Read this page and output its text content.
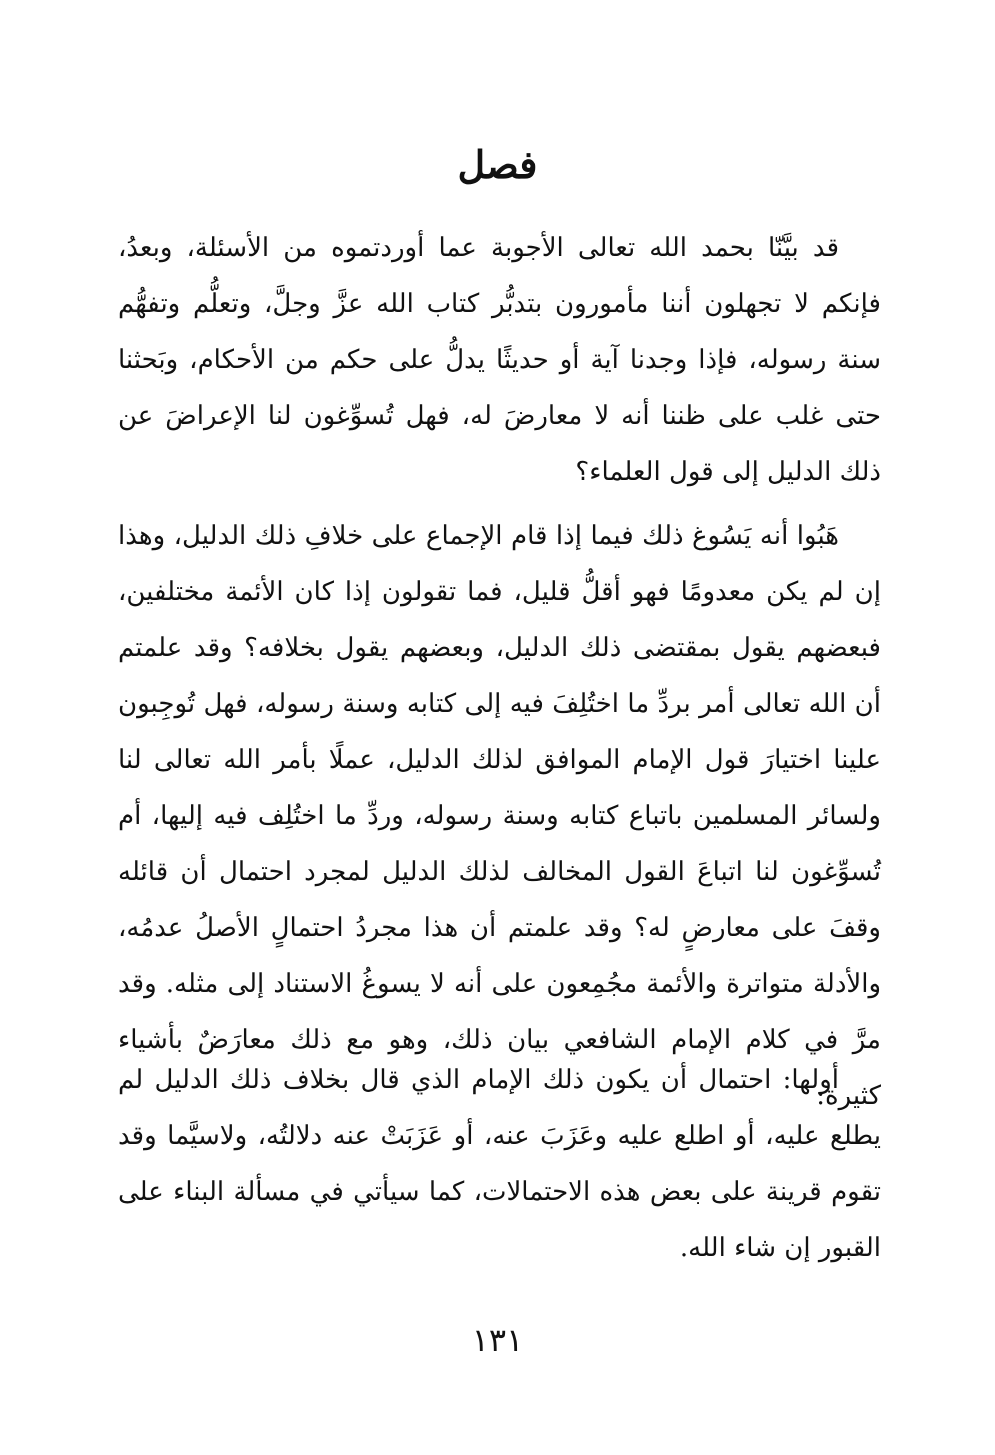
فصل

قد بيَّنّا بحمد الله تعالى الأجوبة عما أوردتموه من الأسئلة، وبعدُ، فإنكم لا تجهلون أننا مأمورون بتدبُّر كتاب الله عزَّ وجلَّ، وتعلُّم وتفهُّم سنة رسوله، فإذا وجدنا آية أو حديثًا يدلُّ على حكم من الأحكام، وبَحثنا حتى غلب على ظننا أنه لا معارضَ له، فهل تُسوِّغون لنا الإعراضَ عن ذلك الدليل إلى قول العلماء؟

هَبُوا أنه يَسُوغ ذلك فيما إذا قام الإجماع على خلافِ ذلك الدليل، وهذا إن لم يكن معدومًا فهو أقلُّ قليل، فما تقولون إذا كان الأئمة مختلفين، فبعضهم يقول بمقتضى ذلك الدليل، وبعضهم يقول بخلافه؟ وقد علمتم أن الله تعالى أمر بردِّ ما اختُلِفَ فيه إلى كتابه وسنة رسوله، فهل تُوجِبون علينا اختيارَ قول الإمام الموافق لذلك الدليل، عملًا بأمر الله تعالى لنا ولسائر المسلمين باتباع كتابه وسنة رسوله، وردِّ ما اختُلِف فيه إليها، أم تُسوِّغون لنا اتباعَ القول المخالف لذلك الدليل لمجرد احتمال أن قائله وقفَ على معارضٍ له؟ وقد علمتم أن هذا مجردُ احتمالٍ الأصلُ عدمُه، والأدلة متواترة والأئمة مجُمِعون على أنه لا يسوغُ الاستناد إلى مثله. وقد مرَّ في كلام الإمام الشافعي بيان ذلك، وهو مع ذلك معارَضٌ بأشياء كثيرة:

أولها: احتمال أن يكون ذلك الإمام الذي قال بخلاف ذلك الدليل لم يطلع عليه، أو اطلع عليه وعَزَبَ عنه، أو عَزَبَتْ عنه دلالتُه، ولاسيَّما وقد تقوم قرينة على بعض هذه الاحتمالات، كما سيأتي في مسألة البناء على القبور إن شاء الله.

١٣١
